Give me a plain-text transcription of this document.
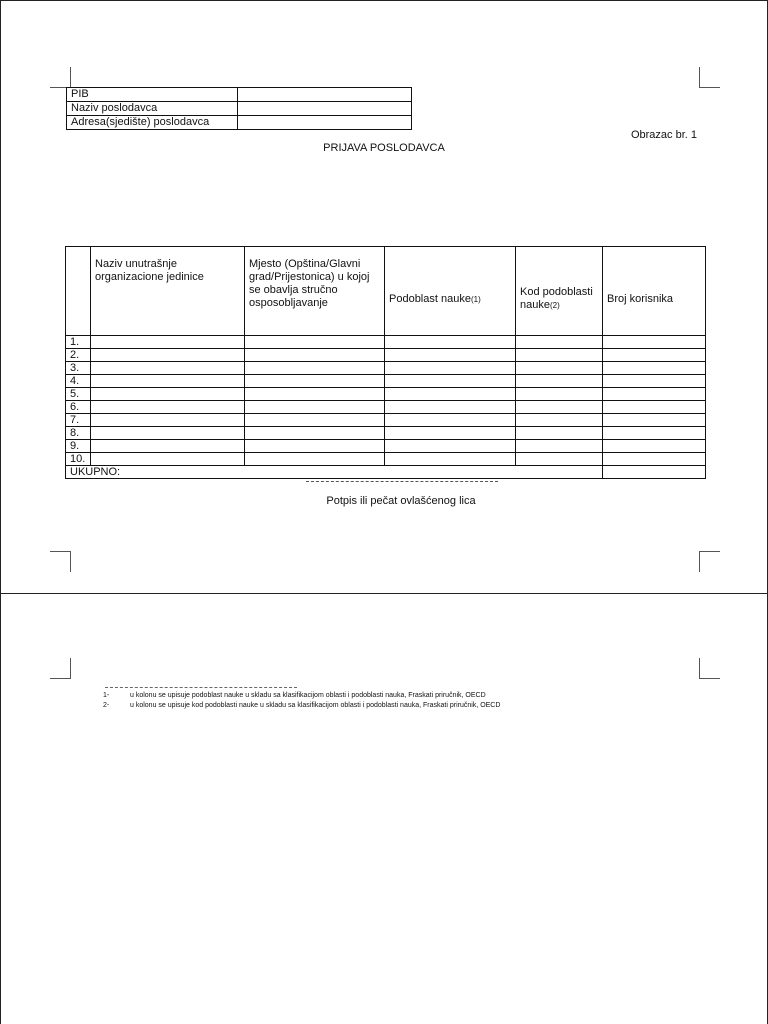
PIB	
Naziv poslodavca	
Adresa(sjedište) poslodavca	
Obrazac br. 1
PRIJAVA POSLODAVCA
	Naziv unutrašnje organizacione jedinice	Mjesto (Opština/Glavni grad/Prijestonica) u kojoj se obavlja stručno osposobljavanje	Podoblast nauke(1)	Kod podoblasti nauke(2)	Broj korisnika
1.					
2.					
3.					
4.					
5.					
6.					
7.					
8.					
9.					
10.					
UKUPNO:					
Potpis ili pečat ovlašćenog lica
1-	u kolonu se upisuje podoblast nauke u skladu sa klasifikacijom oblasti i podoblasti nauka, Fraskati priručnik, OECD
2-	u kolonu se upisuje kod podoblasti nauke u skladu sa klasifikacijom oblasti i podoblasti nauka, Fraskati priručnik, OECD
